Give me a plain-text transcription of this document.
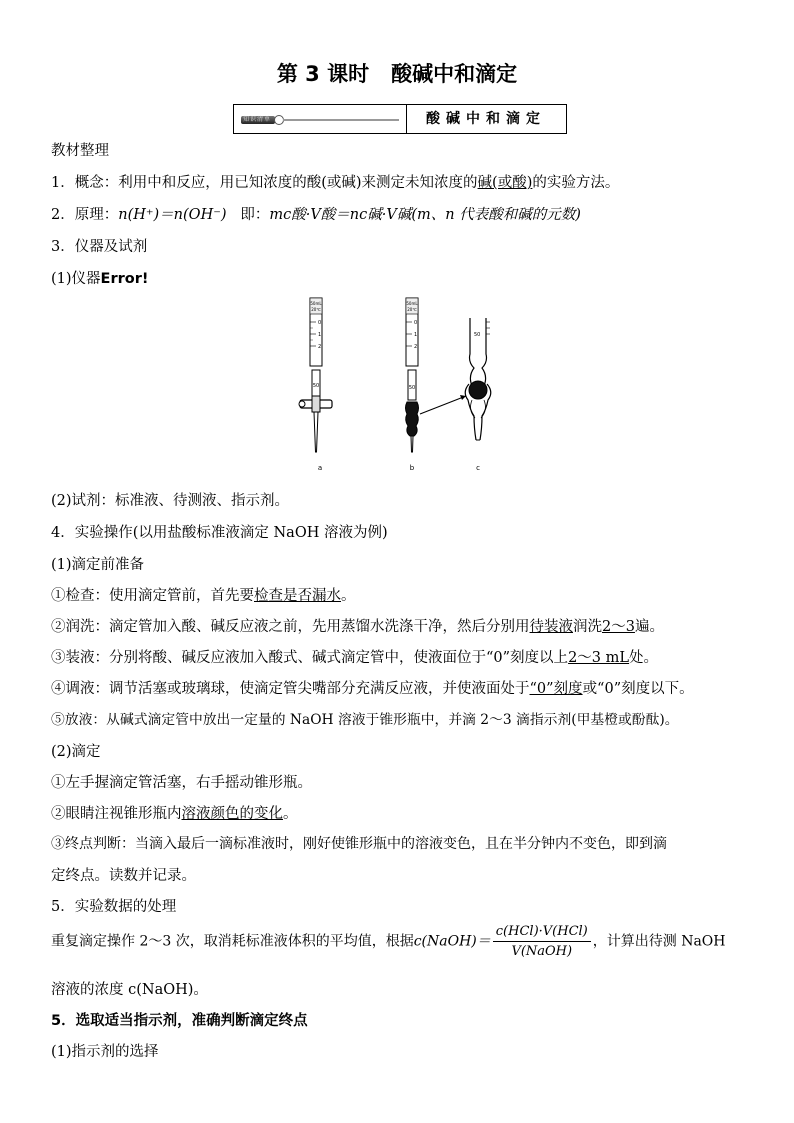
第 3 课时 酸碱中和滴定
知识清单	酸碱中和滴定
教材整理
1．概念：利用中和反应，用已知浓度的酸(或碱)来测定未知浓度的碱(或酸)的实验方法。
2．原理：n(H⁺)＝n(OH⁻) 即：mc酸·V酸＝nc碱·V碱(m、n 代表酸和碱的元数)
3．仪器及试剂
(1)仪器Error!
50mL
20℃
0
1
2
50
a
50mL
20℃
0
1
2
50
b
50
c
(2)试剂：标准液、待测液、指示剂。
4．实验操作(以用盐酸标准液滴定 NaOH 溶液为例)
(1)滴定前准备
①检查：使用滴定管前，首先要检查是否漏水。
②润洗：滴定管加入酸、碱反应液之前，先用蒸馏水洗涤干净，然后分别用待装液润洗2～3遍。
③装液：分别将酸、碱反应液加入酸式、碱式滴定管中，使液面位于“0”刻度以上2～3 mL处。
④调液：调节活塞或玻璃球，使滴定管尖嘴部分充满反应液，并使液面处于“0”刻度或“0”刻度以下。
⑤放液：从碱式滴定管中放出一定量的 NaOH 溶液于锥形瓶中，并滴 2～3 滴指示剂(甲基橙或酚酞)。
(2)滴定
①左手握滴定管活塞，右手摇动锥形瓶。
②眼睛注视锥形瓶内溶液颜色的变化。
③终点判断：当滴入最后一滴标准液时，刚好使锥形瓶中的溶液变色，且在半分钟内不变色，即到滴
定终点。读数并记录。
5．实验数据的处理
重复滴定操作 2～3 次，取消耗标准液体积的平均值，根据c(NaOH)＝ $\frac{\text{c(HCl)·V(HCl)}}{\text{V(NaOH)}}$ ，计算出待测 NaOH
溶液的浓度 c(NaOH)。
5．选取适当指示剂，准确判断滴定终点
(1)指示剂的选择
